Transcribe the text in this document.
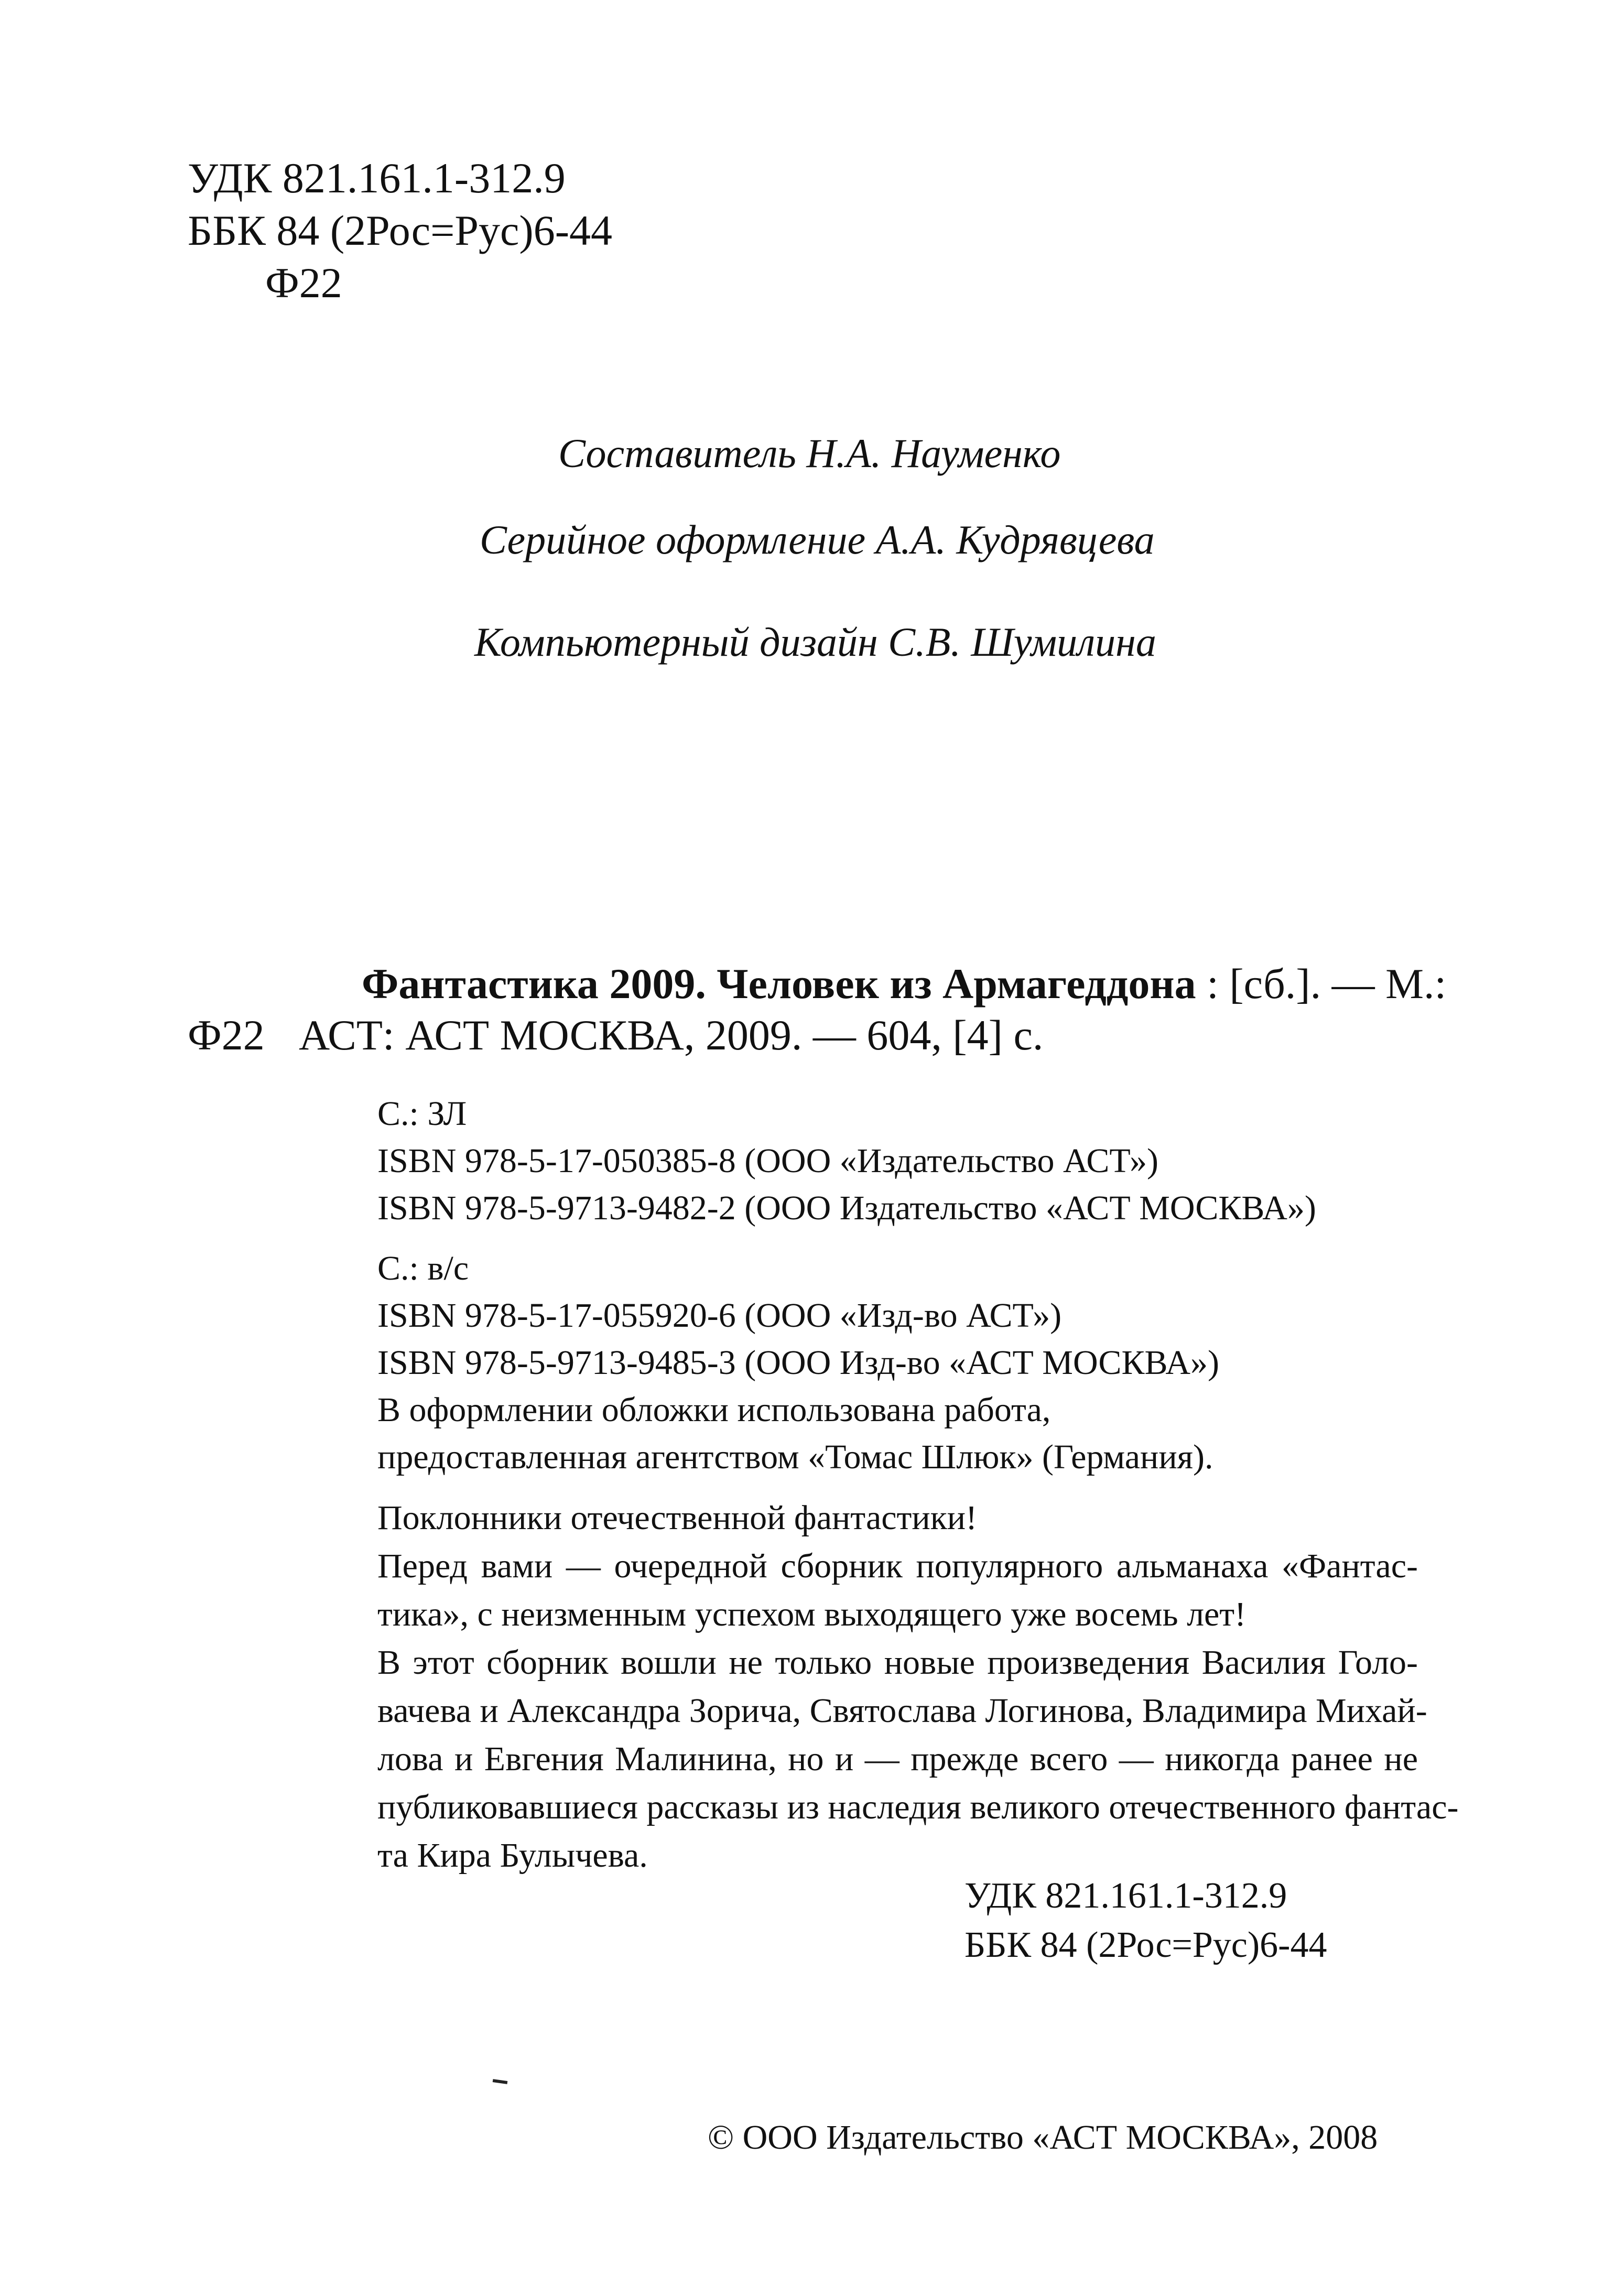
УДК 821.161.1-312.9
ББК 84 (2Рос=Рус)6-44
Ф22
Составитель Н.А. Науменко
Серийное оформление А.А. Кудрявцева
Компьютерный дизайн С.В. Шумилина
Фантастика 2009. Человек из Армагеддона : [сб.]. — М.:
Ф22 АСТ: АСТ МОСКВА, 2009. — 604, [4] с.
С.: ЗЛ
ISBN 978-5-17-050385-8 (ООО «Издательство АСТ»)
ISBN 978-5-9713-9482-2 (ООО Издательство «АСТ МОСКВА»)
С.: в/с
ISBN 978-5-17-055920-6 (ООО «Изд-во АСТ»)
ISBN 978-5-9713-9485-3 (ООО Изд-во «АСТ МОСКВА»)
В оформлении обложки использована работа,
предоставленная агентством «Томас Шлюк» (Германия).
Поклонники отечественной фантастики!
Перед вами — очередной сборник популярного альманаха «Фантас-
тика», с неизменным успехом выходящего уже восемь лет!
В этот сборник вошли не только новые произведения Василия Голо-
вачева и Александра Зорича, Святослава Логинова, Владимира Михай-
лова и Евгения Малинина, но и — прежде всего — никогда ранее не
публиковавшиеся рассказы из наследия великого отечественного фантас-
та Кира Булычева.
УДК 821.161.1-312.9
ББК 84 (2Рос=Рус)6-44
© ООО Издательство «АСТ МОСКВА», 2008
